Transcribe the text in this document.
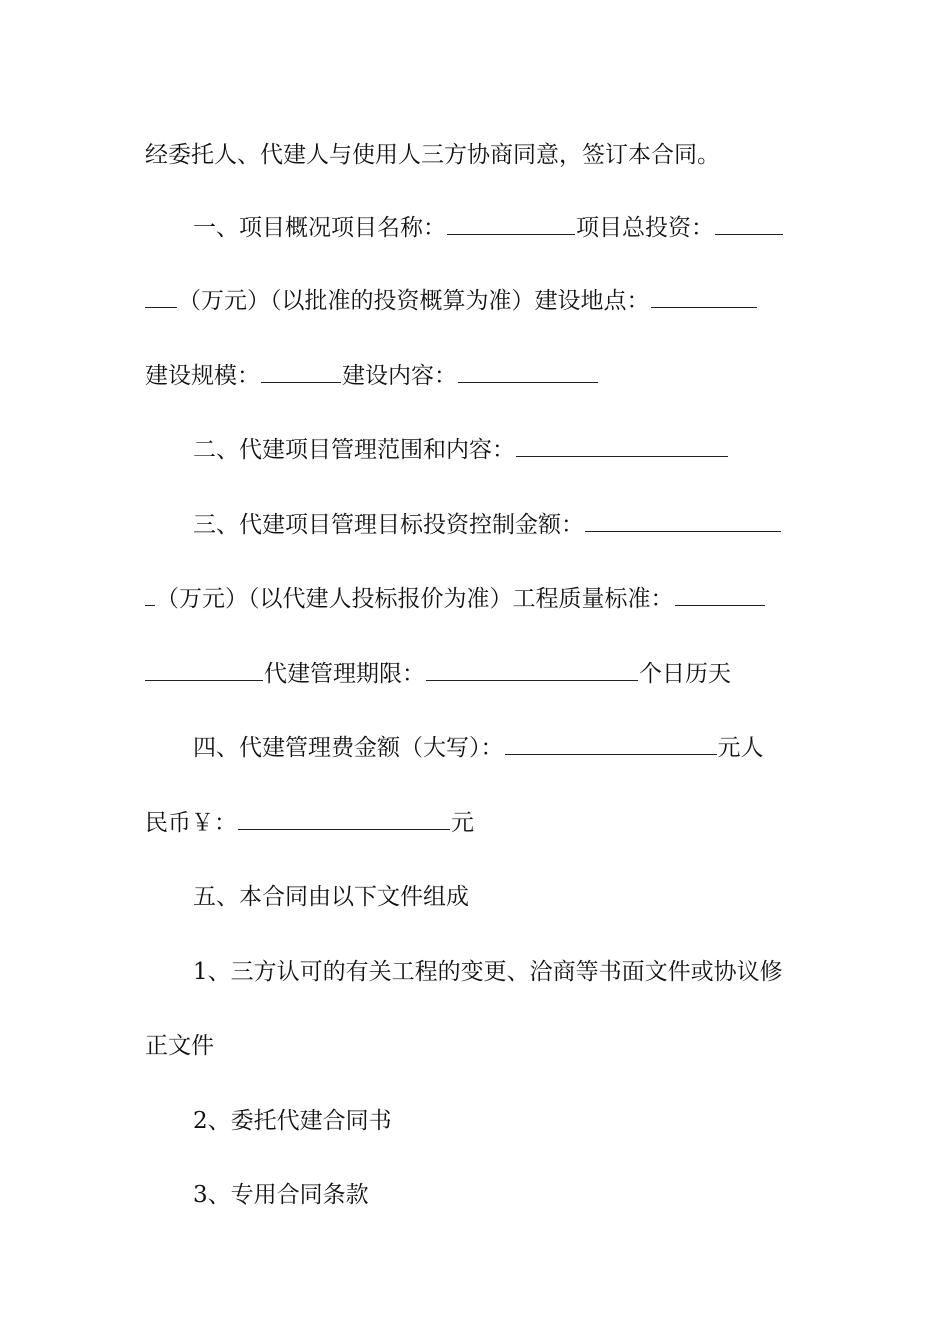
经委托人、代建人与使用人三方协商同意，签订本合同。
一、项目概况项目名称：	项目总投资：
（万元）（以批准的投资概算为准）建设地点：
建设规模：	建设内容：
二、代建项目管理范围和内容：
三、代建项目管理目标投资控制金额：
（万元）（以代建人投标报价为准）工程质量标准：
代建管理期限：	个日历天
四、代建管理费金额（大写）：	元人
民币￥：	元
五、本合同由以下文件组成
1、三方认可的有关工程的变更、洽商等书面文件或协议修
正文件
2、委托代建合同书
3、专用合同条款
